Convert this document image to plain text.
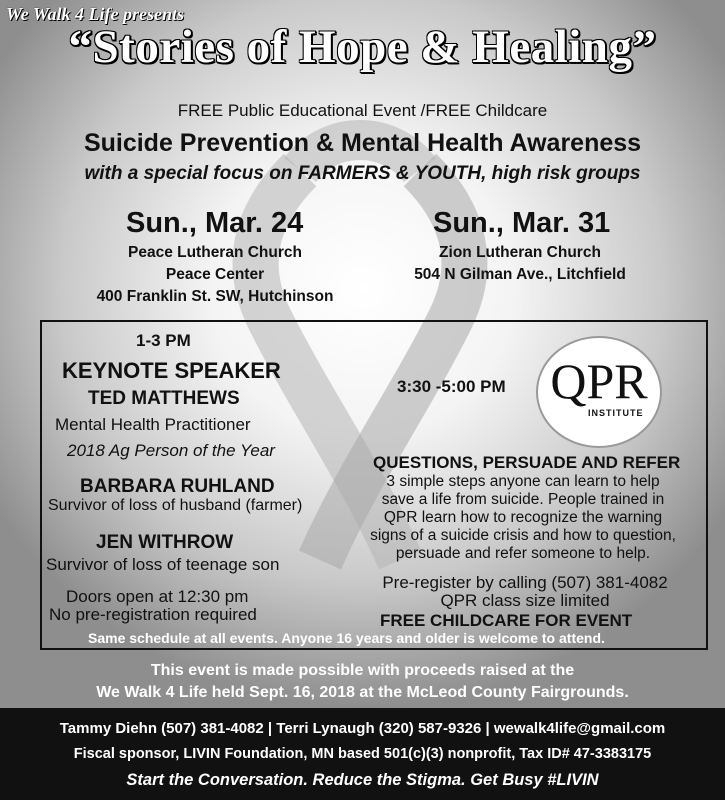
We Walk 4 Life presents
“Stories of Hope & Healing”
FREE Public Educational Event /FREE Childcare
Suicide Prevention & Mental Health Awareness
with a special focus on FARMERS & YOUTH, high risk groups
Sun., Mar. 24
Peace Lutheran Church
Peace Center
400 Franklin St. SW, Hutchinson
Sun., Mar. 31
Zion Lutheran Church
504 N Gilman Ave., Litchfield
1-3 PM
KEYNOTE SPEAKER
TED MATTHEWS
Mental Health Practitioner
2018 Ag Person of the Year
BARBARA RUHLAND
Survivor of loss of husband (farmer)
JEN WITHROW
Survivor of loss of teenage son
Doors open at 12:30 pm
No pre-registration required
3:30 -5:00 PM QPR
INSTITUTE
QUESTIONS, PERSUADE AND REFER
3 simple steps anyone can learn to help
save a life from suicide. People trained in
QPR learn how to recognize the warning
signs of a suicide crisis and how to question,
persuade and refer someone to help.
Pre-register by calling (507) 381-4082
QPR class size limited
FREE CHILDCARE FOR EVENT
Same schedule at all events. Anyone 16 years and older is welcome to attend.
This event is made possible with proceeds raised at the
We Walk 4 Life held Sept. 16, 2018 at the McLeod County Fairgrounds.
Tammy Diehn (507) 381-4082 | Terri Lynaugh (320) 587-9326 | wewalk4life@gmail.com
Fiscal sponsor, LIVIN Foundation, MN based 501(c)(3) nonprofit, Tax ID# 47-3383175
Start the Conversation. Reduce the Stigma. Get Busy #LIVIN
